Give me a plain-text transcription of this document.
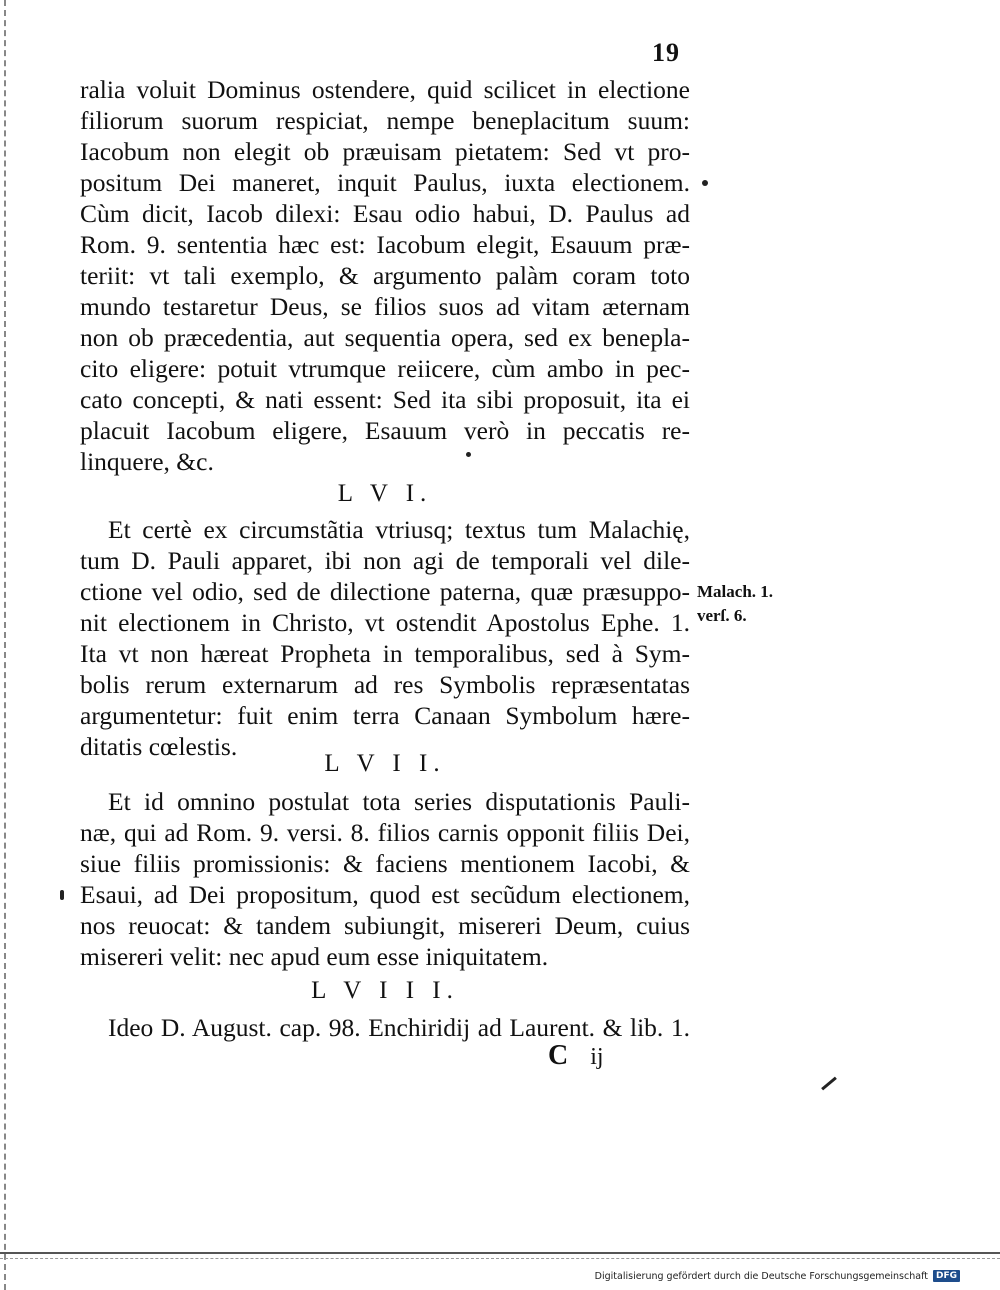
19
ralia voluit Dominus ostendere, quid scilicet in electione
filiorum suorum respiciat, nempe beneplacitum suum:
Iacobum non elegit ob præuisam pietatem: Sed vt pro-
positum Dei maneret, inquit Paulus, iuxta electionem.
Cùm dicit, Iacob dilexi: Esau odio habui, D. Paulus ad
Rom. 9. sententia hæc est: Iacobum elegit, Esauum præ-
teriit: vt tali exemplo, & argumento palàm coram toto
mundo testaretur Deus, se filios suos ad vitam æternam
non ob præcedentia, aut sequentia opera, sed ex benepla-
cito eligere: potuit vtrumque reiicere, cùm ambo in pec-
cato concepti, & nati essent: Sed ita sibi proposuit, ita ei
placuit Iacobum eligere, Esauum verò in peccatis re-
linquere, &c.
L V I.
Et certè ex circumstãtia vtriusq; textus tum Malachię,
tum D. Pauli apparet, ibi non agi de temporali vel dile-
ctione vel odio, sed de dilectione paterna, quæ præsuppo-
nit electionem in Christo, vt ostendit Apostolus Ephe. 1.
Ita vt non hæreat Propheta in temporalibus, sed à Sym-
bolis rerum externarum ad res Symbolis repræsentatas
argumentetur: fuit enim terra Canaan Symbolum hære-
ditatis cœlestis.
Malach. 1.
verſ. 6.
L V I I.
Et id omnino postulat tota series disputationis Pauli-
næ, qui ad Rom. 9. versi. 8. filios carnis opponit filiis Dei,
siue filiis promissionis: & faciens mentionem Iacobi, &
Esaui, ad Dei propositum, quod est secũdum electionem,
nos reuocat: & tandem subiungit, misereri Deum, cuius
misereri velit: nec apud eum esse iniquitatem.
L V I I I.
Ideo D. August. cap. 98. Enchiridij ad Laurent. & lib. 1.
C ij
Digitalisierung gefördert durch die Deutsche Forschungsgemeinschaft DFG
